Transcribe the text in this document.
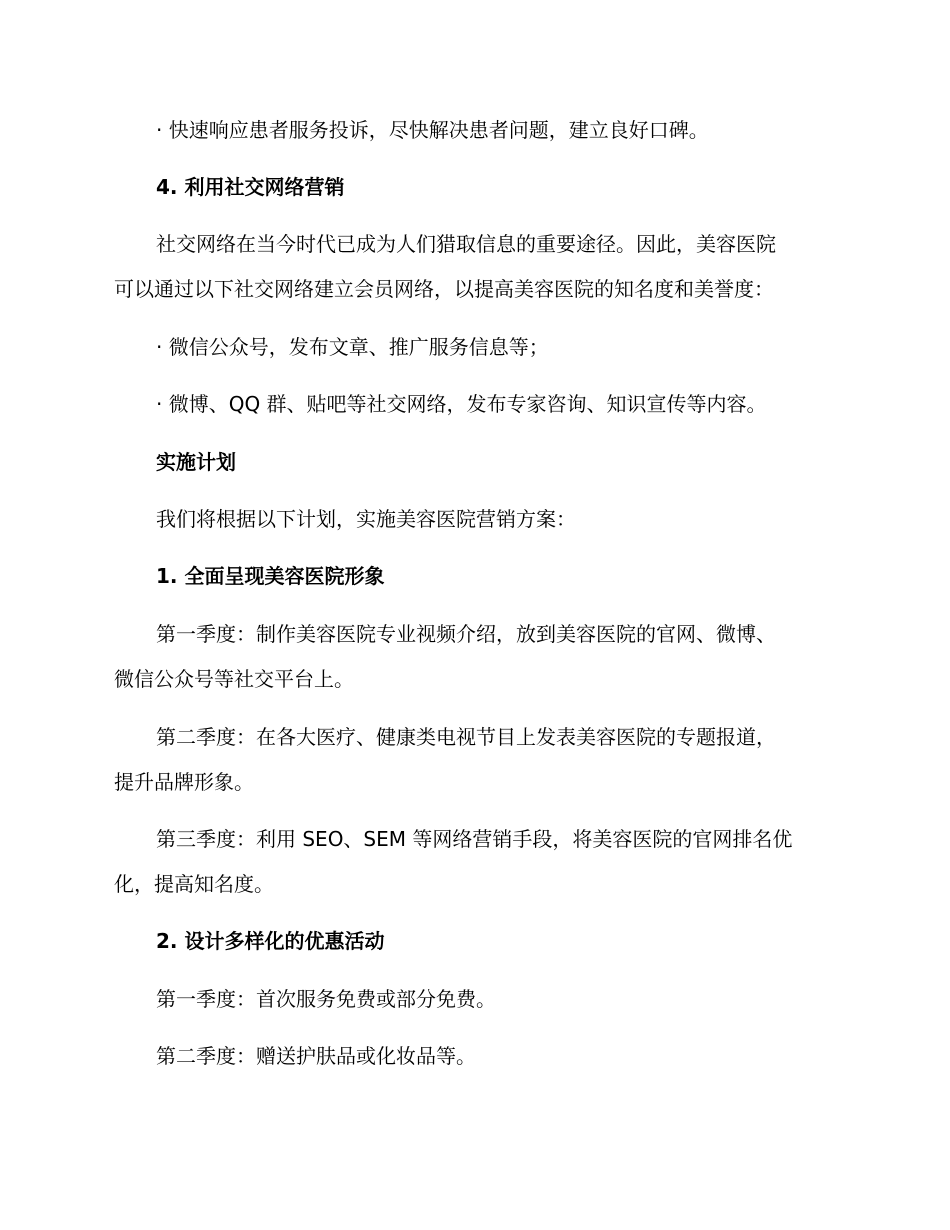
· 快速响应患者服务投诉，尽快解决患者问题，建立良好口碑。
4. 利用社交网络营销
社交网络在当今时代已成为人们猎取信息的重要途径。因此，美容医院
可以通过以下社交网络建立会员网络，以提高美容医院的知名度和美誉度：
· 微信公众号，发布文章、推广服务信息等；
· 微博、QQ 群、贴吧等社交网络，发布专家咨询、知识宣传等内容。
实施计划
我们将根据以下计划，实施美容医院营销方案：
1. 全面呈现美容医院形象
第一季度：制作美容医院专业视频介绍，放到美容医院的官网、微博、
微信公众号等社交平台上。
第二季度：在各大医疗、健康类电视节目上发表美容医院的专题报道，
提升品牌形象。
第三季度：利用 SEO、SEM 等网络营销手段，将美容医院的官网排名优
化，提高知名度。
2. 设计多样化的优惠活动
第一季度：首次服务免费或部分免费。
第二季度：赠送护肤品或化妆品等。
